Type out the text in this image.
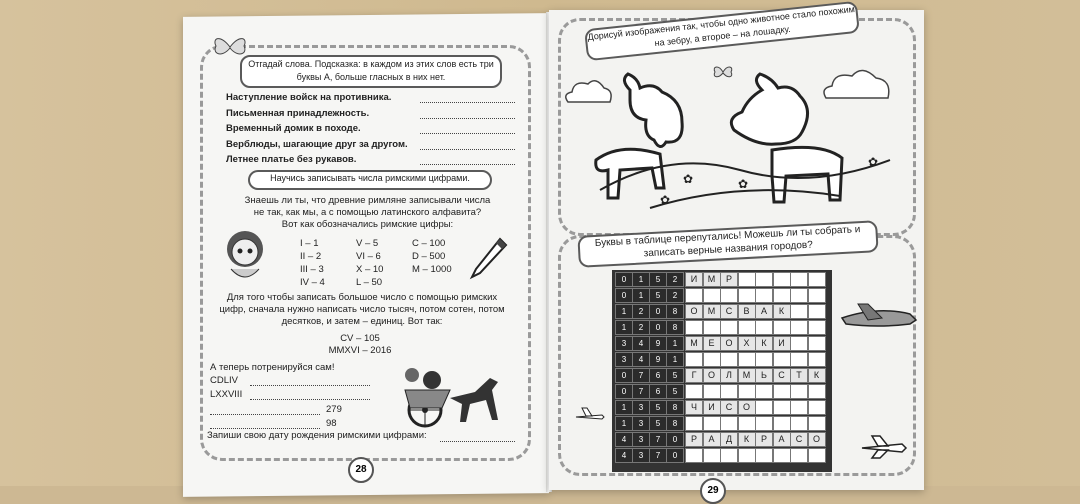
Отгадай слова. Подсказка: в каждом из этих слов есть три буквы А, больше гласных в них нет.
Наступление войск на противника.
Письменная принадлежность.
Временный домик в походе.
Верблюды, шагающие друг за другом.
Летнее платье без рукавов.
Научись записывать числа римскими цифрами.
Знаешь ли ты, что древние римляне записывали числа
не так, как мы, а с помощью латинского алфавита?
Вот как обозначались римские цифры:
I – 1	V – 5	C – 100
II – 2	VI – 6	D – 500
III – 3	X – 10	M – 1000
IV – 4	L – 50
Для того чтобы записать большое число с помощью римских
цифр, сначала нужно написать число тысяч, потом сотен, потом
десятков, и затем – единиц. Вот так:
CV – 105
MMXVI – 2016
А теперь потренируйся сам!
CDLIV
LXXVIII
279
98
Запиши свою дату рождения римскими цифрами:
28
Дорисуй изображения так, чтобы одно животное стало похожим на зебру, а второе – на лошадку.
✿	✿
✿
✿
Буквы в таблице перепутались! Можешь ли ты собрать и записать верные названия городов?
0	1	5	2	И	М	Р
0	1	5	2
1	2	0	8	О	М	С	В	А	К
1	2	0	8
3	4	9	1	М	Е	О	Х	К	И
3	4	9	1
0	7	6	5	Г	О	Л	М	Ь	С	Т	К
0	7	6	5
1	3	5	8	Ч	И	С	О
1	3	5	8
4	3	7	0	Р	А	Д	К	Р	А	С	О
4	3	7	0
29
